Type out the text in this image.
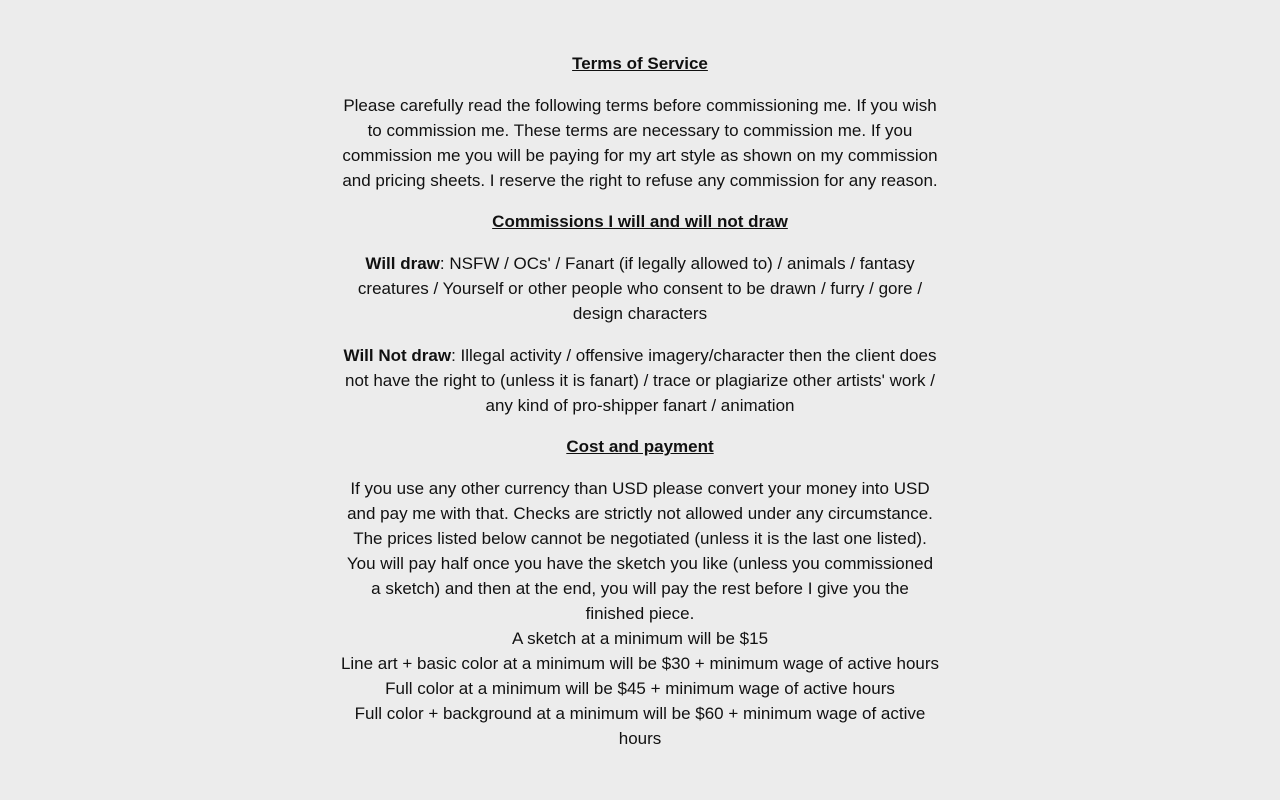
Terms of Service

Please carefully read the following terms before commissioning me. If you wish to commission me. These terms are necessary to commission me. If you commission me you will be paying for my art style as shown on my commission and pricing sheets. I reserve the right to refuse any commission for any reason.

Commissions I will and will not draw

Will draw: NSFW / OCs' / Fanart (if legally allowed to) / animals / fantasy creatures / Yourself or other people who consent to be drawn / furry / gore / design characters

Will Not draw: Illegal activity / offensive imagery/character then the client does not have the right to (unless it is fanart) / trace or plagiarize other artists' work / any kind of pro-shipper fanart / animation

Cost and payment

If you use any other currency than USD please convert your money into USD and pay me with that. Checks are strictly not allowed under any circumstance. The prices listed below cannot be negotiated (unless it is the last one listed). You will pay half once you have the sketch you like (unless you commissioned a sketch) and then at the end, you will pay the rest before I give you the finished piece.

A sketch at a minimum will be $15

Line art + basic color at a minimum will be $30 + minimum wage of active hours

Full color at a minimum will be $45 + minimum wage of active hours

Full color + background at a minimum will be $60 + minimum wage of active hours
